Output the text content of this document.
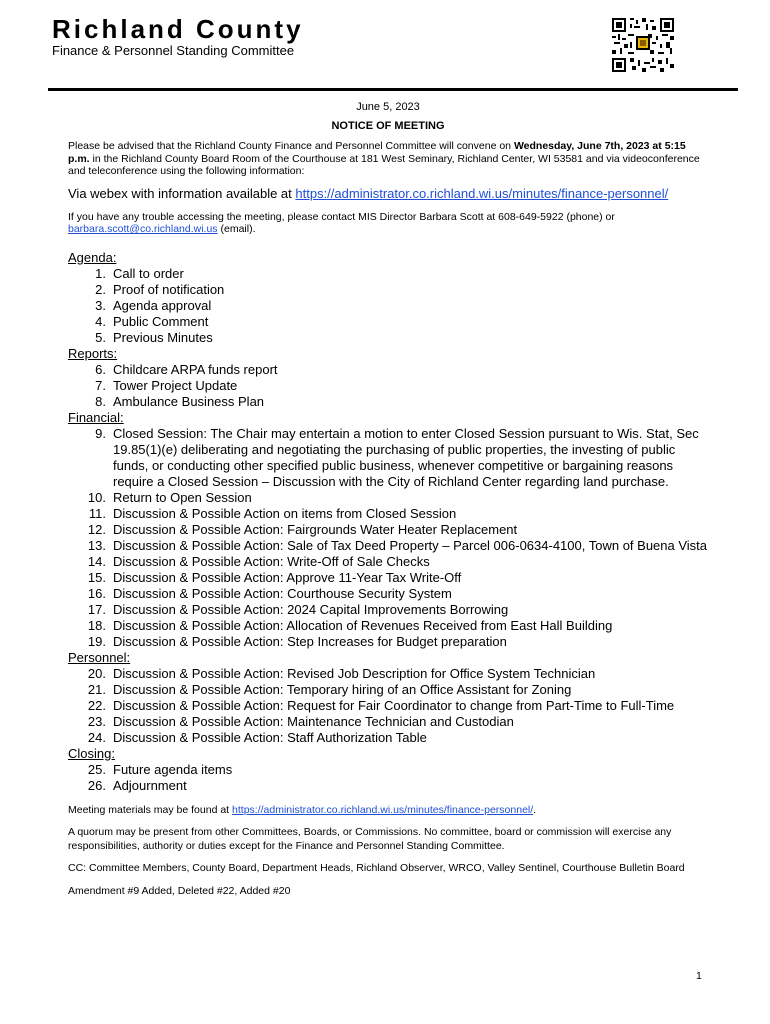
Richland County
Finance & Personnel Standing Committee

June 5, 2023

NOTICE OF MEETING

Please be advised that the Richland County Finance and Personnel Committee will convene on Wednesday, June 7th, 2023 at 5:15 p.m. in the Richland County Board Room of the Courthouse at 181 West Seminary, Richland Center, WI 53581 and via videoconference and teleconference using the following information:

Via webex with information available at https://administrator.co.richland.wi.us/minutes/finance-personnel/

If you have any trouble accessing the meeting, please contact MIS Director Barbara Scott at 608-649-5922 (phone) or barbara.scott@co.richland.wi.us (email).

Agenda:
1. Call to order
2. Proof of notification
3. Agenda approval
4. Public Comment
5. Previous Minutes
Reports:
6. Childcare ARPA funds report
7. Tower Project Update
8. Ambulance Business Plan
Financial:
9. Closed Session: The Chair may entertain a motion to enter Closed Session pursuant to Wis. Stat, Sec 19.85(1)(e) deliberating and negotiating the purchasing of public properties, the investing of public funds, or conducting other specified public business, whenever competitive or bargaining reasons require a Closed Session – Discussion with the City of Richland Center regarding land purchase.
10. Return to Open Session
11. Discussion & Possible Action on items from Closed Session
12. Discussion & Possible Action: Fairgrounds Water Heater Replacement
13. Discussion & Possible Action: Sale of Tax Deed Property – Parcel 006-0634-4100, Town of Buena Vista
14. Discussion & Possible Action: Write-Off of Sale Checks
15. Discussion & Possible Action: Approve 11-Year Tax Write-Off
16. Discussion & Possible Action: Courthouse Security System
17. Discussion & Possible Action: 2024 Capital Improvements Borrowing
18. Discussion & Possible Action: Allocation of Revenues Received from East Hall Building
19. Discussion & Possible Action: Step Increases for Budget preparation
Personnel:
20. Discussion & Possible Action: Revised Job Description for Office System Technician
21. Discussion & Possible Action: Temporary hiring of an Office Assistant for Zoning
22. Discussion & Possible Action: Request for Fair Coordinator to change from Part-Time to Full-Time
23. Discussion & Possible Action: Maintenance Technician and Custodian
24. Discussion & Possible Action: Staff Authorization Table
Closing:
25. Future agenda items
26. Adjournment

Meeting materials may be found at https://administrator.co.richland.wi.us/minutes/finance-personnel/.

A quorum may be present from other Committees, Boards, or Commissions. No committee, board or commission will exercise any responsibilities, authority or duties except for the Finance and Personnel Standing Committee.

CC: Committee Members, County Board, Department Heads, Richland Observer, WRCO, Valley Sentinel, Courthouse Bulletin Board

Amendment #9 Added, Deleted #22, Added #20

1
